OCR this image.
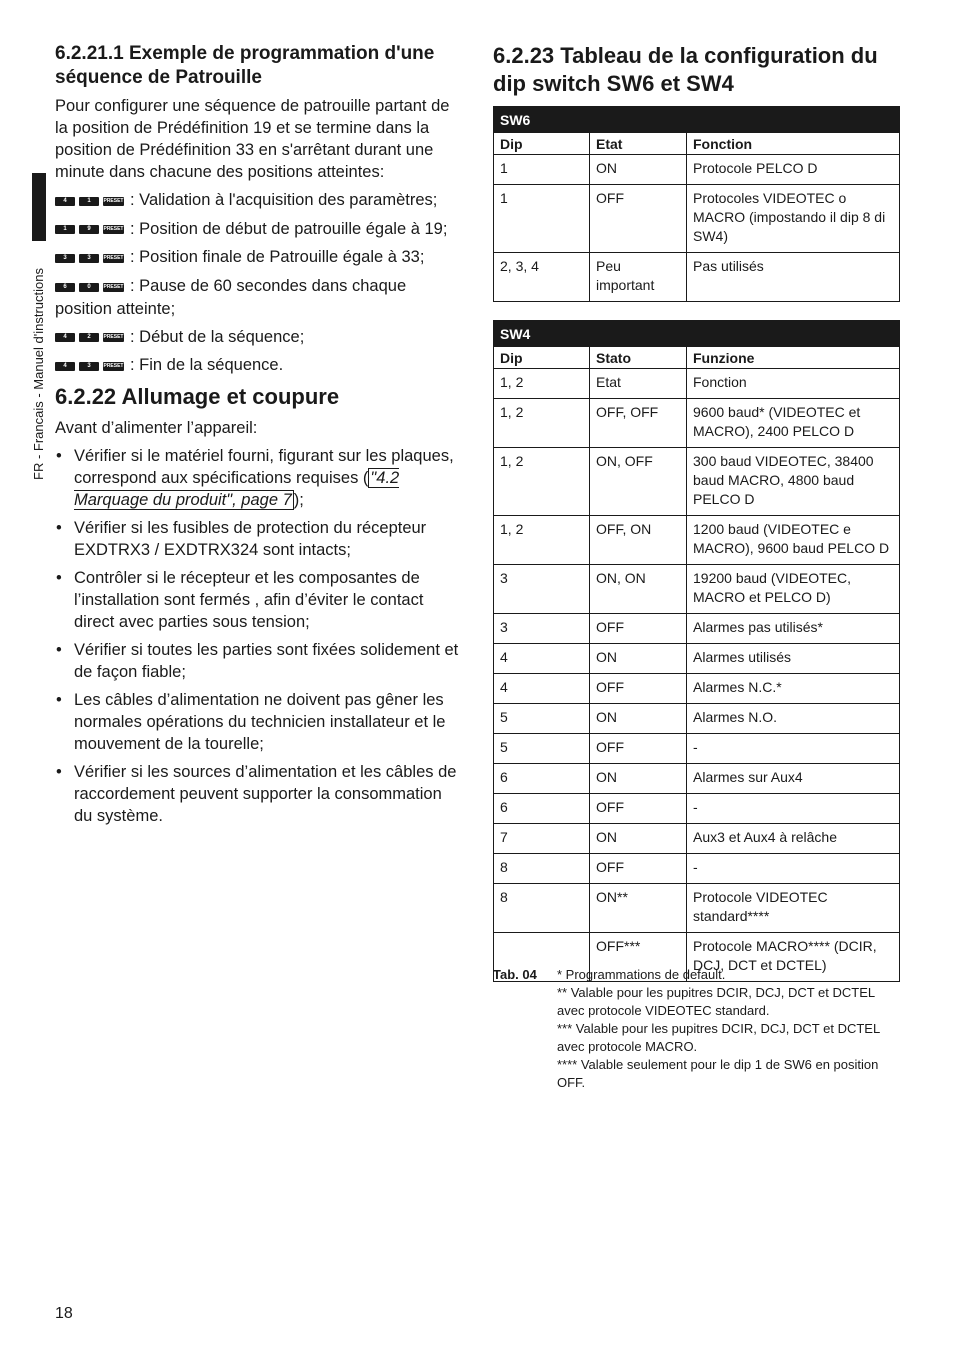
FR - Francais - Manuel d'instructions

6.2.21.1 Exemple de programmation d'une séquence de Patrouille

Pour configurer une séquence de patrouille partant de la position de Prédéfinition 19 et se termine dans la position de Prédéfinition 33 en s'arrêtant durant une minute dans chacune des positions atteintes:

4	1	PRESET : Validation à l'acquisition des paramètres;
1	9	PRESET : Position de début de patrouille égale à 19;
3	3	PRESET : Position finale de Patrouille égale à 33;
6	0	PRESET : Pause de 60 secondes dans chaque position atteinte;
4	2	PRESET : Début de la séquence;
4	3	PRESET : Fin de la séquence.

6.2.22 Allumage et coupure

Avant d’alimenter l’appareil:

• Vérifier si le matériel fourni, figurant sur les plaques, correspond aux spécifications requises ( "4.2 Marquage du produit", page 7 );
• Vérifier si les fusibles de protection du récepteur EXDTRX3 / EXDTRX324 sont intacts;
• Contrôler si le récepteur et les composantes de l’installation sont fermés , afin d’éviter le contact direct avec parties sous tension;
• Vérifier si toutes les parties sont fixées solidement et de façon fiable;
• Les câbles d’alimentation ne doivent pas gêner les normales opérations du technicien installateur et le mouvement de la tourelle;
• Vérifier si les sources d’alimentation et les câbles de raccordement peuvent supporter la consommation du système.

6.2.23 Tableau de la configuration du dip switch SW6 et SW4

SW6		
Dip	Etat	Fonction
1	ON	Protocole PELCO D
1	OFF	Protocoles VIDEOTEC o MACRO (impostando il dip 8 di SW4)
2, 3, 4	Peu important	Pas utilisés
SW4		
Dip	Stato	Funzione
1, 2	Etat	Fonction
1, 2	OFF, OFF	9600 baud* (VIDEOTEC et MACRO), 2400 PELCO D
1, 2	ON, OFF	300 baud VIDEOTEC, 38400 baud MACRO, 4800 baud PELCO D
1, 2	OFF, ON	1200 baud (VIDEOTEC e MACRO), 9600 baud PELCO D
3	ON, ON	19200 baud (VIDEOTEC, MACRO et PELCO D)
3	OFF	Alarmes pas utilisés*
4	ON	Alarmes utilisés
4	OFF	Alarmes N.C.*
5	ON	Alarmes N.O.
5	OFF	-
6	ON	Alarmes sur Aux4
6	OFF	-
7	ON	Aux3 et Aux4 à relâche
8	OFF	-
8	ON**	Protocole VIDEOTEC standard****
	OFF***	Protocole MACRO**** (DCIR, DCJ, DCT et DCTEL)
Tab. 04 * Programmations de default.
** Valable pour les pupitres DCIR, DCJ, DCT et DCTEL avec protocole VIDEOTEC standard.
*** Valable pour les pupitres DCIR, DCJ, DCT et DCTEL avec protocole MACRO.
**** Valable seulement pour le dip 1 de SW6 en position OFF.
18
